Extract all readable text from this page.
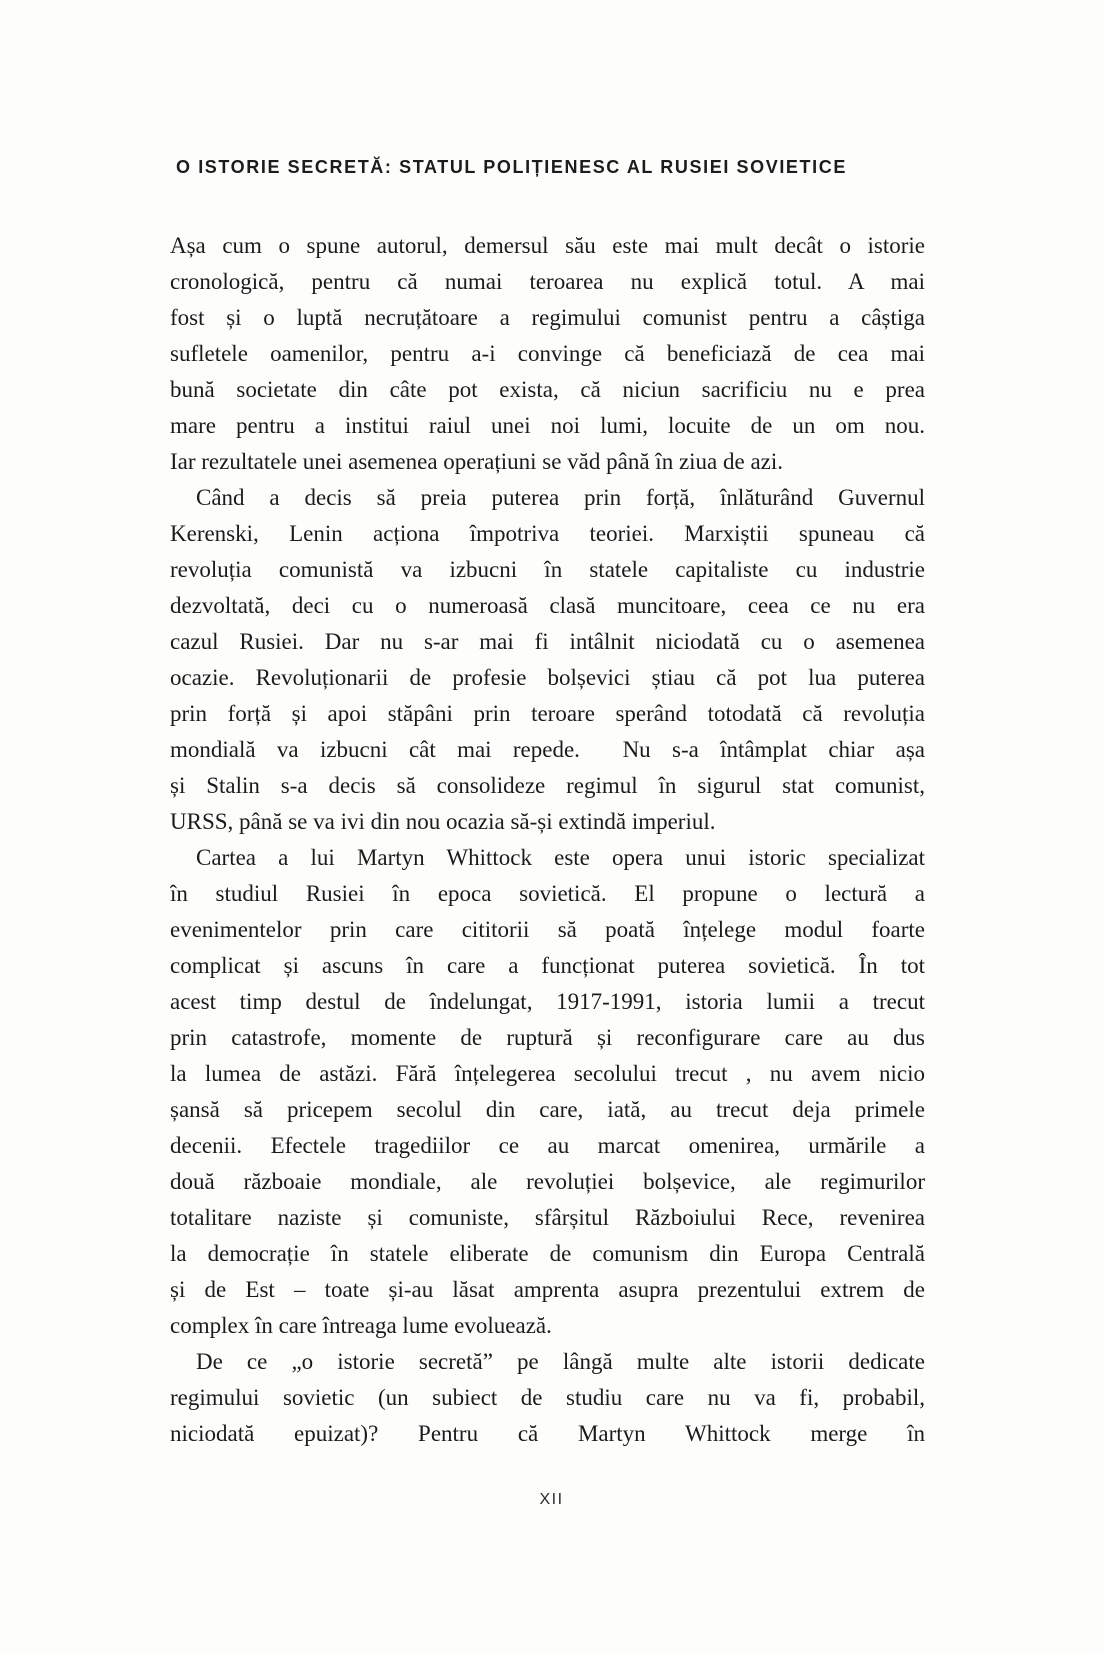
O ISTORIE SECRETĂ: STATUL POLIȚIENESC AL RUSIEI SOVIETICE
Așa cum o spune autorul, demersul său este mai mult decât o istorie
cronologică, pentru că numai teroarea nu explică totul. A mai
fost și o luptă necruțătoare a regimului comunist pentru a câștiga
sufletele oamenilor, pentru a-i convinge că beneficiază de cea mai
bună societate din câte pot exista, că niciun sacrificiu nu e prea
mare pentru a institui raiul unei noi lumi, locuite de un om nou.
Iar rezultatele unei asemenea operațiuni se văd până în ziua de azi.
Când a decis să preia puterea prin forță, înlăturând Guvernul
Kerenski, Lenin acționa împotriva teoriei. Marxiștii spuneau că
revoluția comunistă va izbucni în statele capitaliste cu industrie
dezvoltată, deci cu o numeroasă clasă muncitoare, ceea ce nu era
cazul Rusiei. Dar nu s-ar mai fi intâlnit niciodată cu o asemenea
ocazie. Revoluționarii de profesie bolșevici știau că pot lua puterea
prin forță și apoi stăpâni prin teroare sperând totodată că revoluția
mondială va izbucni cât mai repede.  Nu s-a întâmplat chiar așa
și Stalin s-a decis să consolideze regimul în sigurul stat comunist,
URSS, până se va ivi din nou ocazia să-și extindă imperiul.
Cartea a lui Martyn Whittock este opera unui istoric specializat
în studiul Rusiei în epoca sovietică. El propune o lectură a
evenimentelor prin care cititorii să poată înțelege modul foarte
complicat și ascuns în care a funcționat puterea sovietică. În tot
acest timp destul de îndelungat, 1917-1991, istoria lumii a trecut
prin catastrofe, momente de ruptură și reconfigurare care au dus
la lumea de astăzi. Fără înțelegerea secolului trecut , nu avem nicio
șansă să pricepem secolul din care, iată, au trecut deja primele
decenii. Efectele tragediilor ce au marcat omenirea, urmările a
două războaie mondiale, ale revoluției bolșevice, ale regimurilor
totalitare naziste și comuniste, sfârșitul Războiului Rece, revenirea
la democrație în statele eliberate de comunism din Europa Centrală
și de Est – toate și-au lăsat amprenta asupra prezentului extrem de
complex în care întreaga lume evoluează.
De ce „o istorie secretă” pe lângă multe alte istorii dedicate
regimului sovietic (un subiect de studiu care nu va fi, probabil,
niciodată epuizat)? Pentru că Martyn Whittock merge în
XII
